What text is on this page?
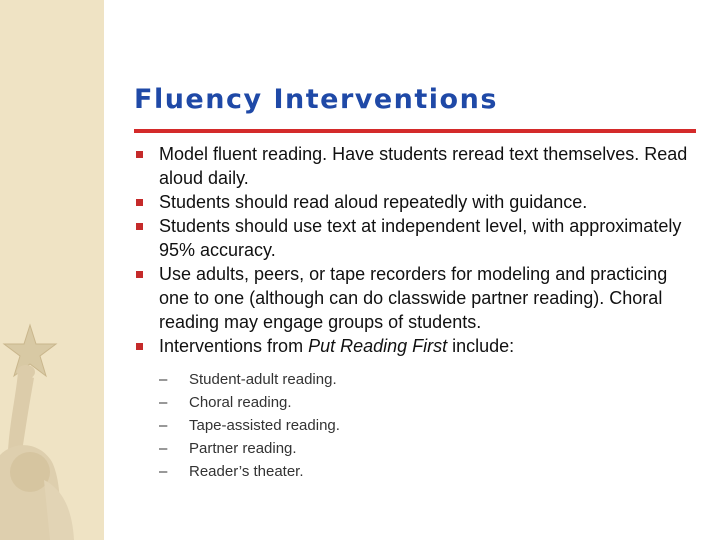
Fluency Interventions
Model fluent reading. Have students reread text themselves. Read aloud daily.
Students should read aloud repeatedly with guidance.
Students should use text at independent level, with approximately 95% accuracy.
Use adults, peers, or tape recorders for modeling and practicing one to one (although can do classwide partner reading). Choral reading may engage groups of students.
Interventions from Put Reading First include:
– Student-adult reading.
– Choral reading.
– Tape-assisted reading.
– Partner reading.
– Reader’s theater.
